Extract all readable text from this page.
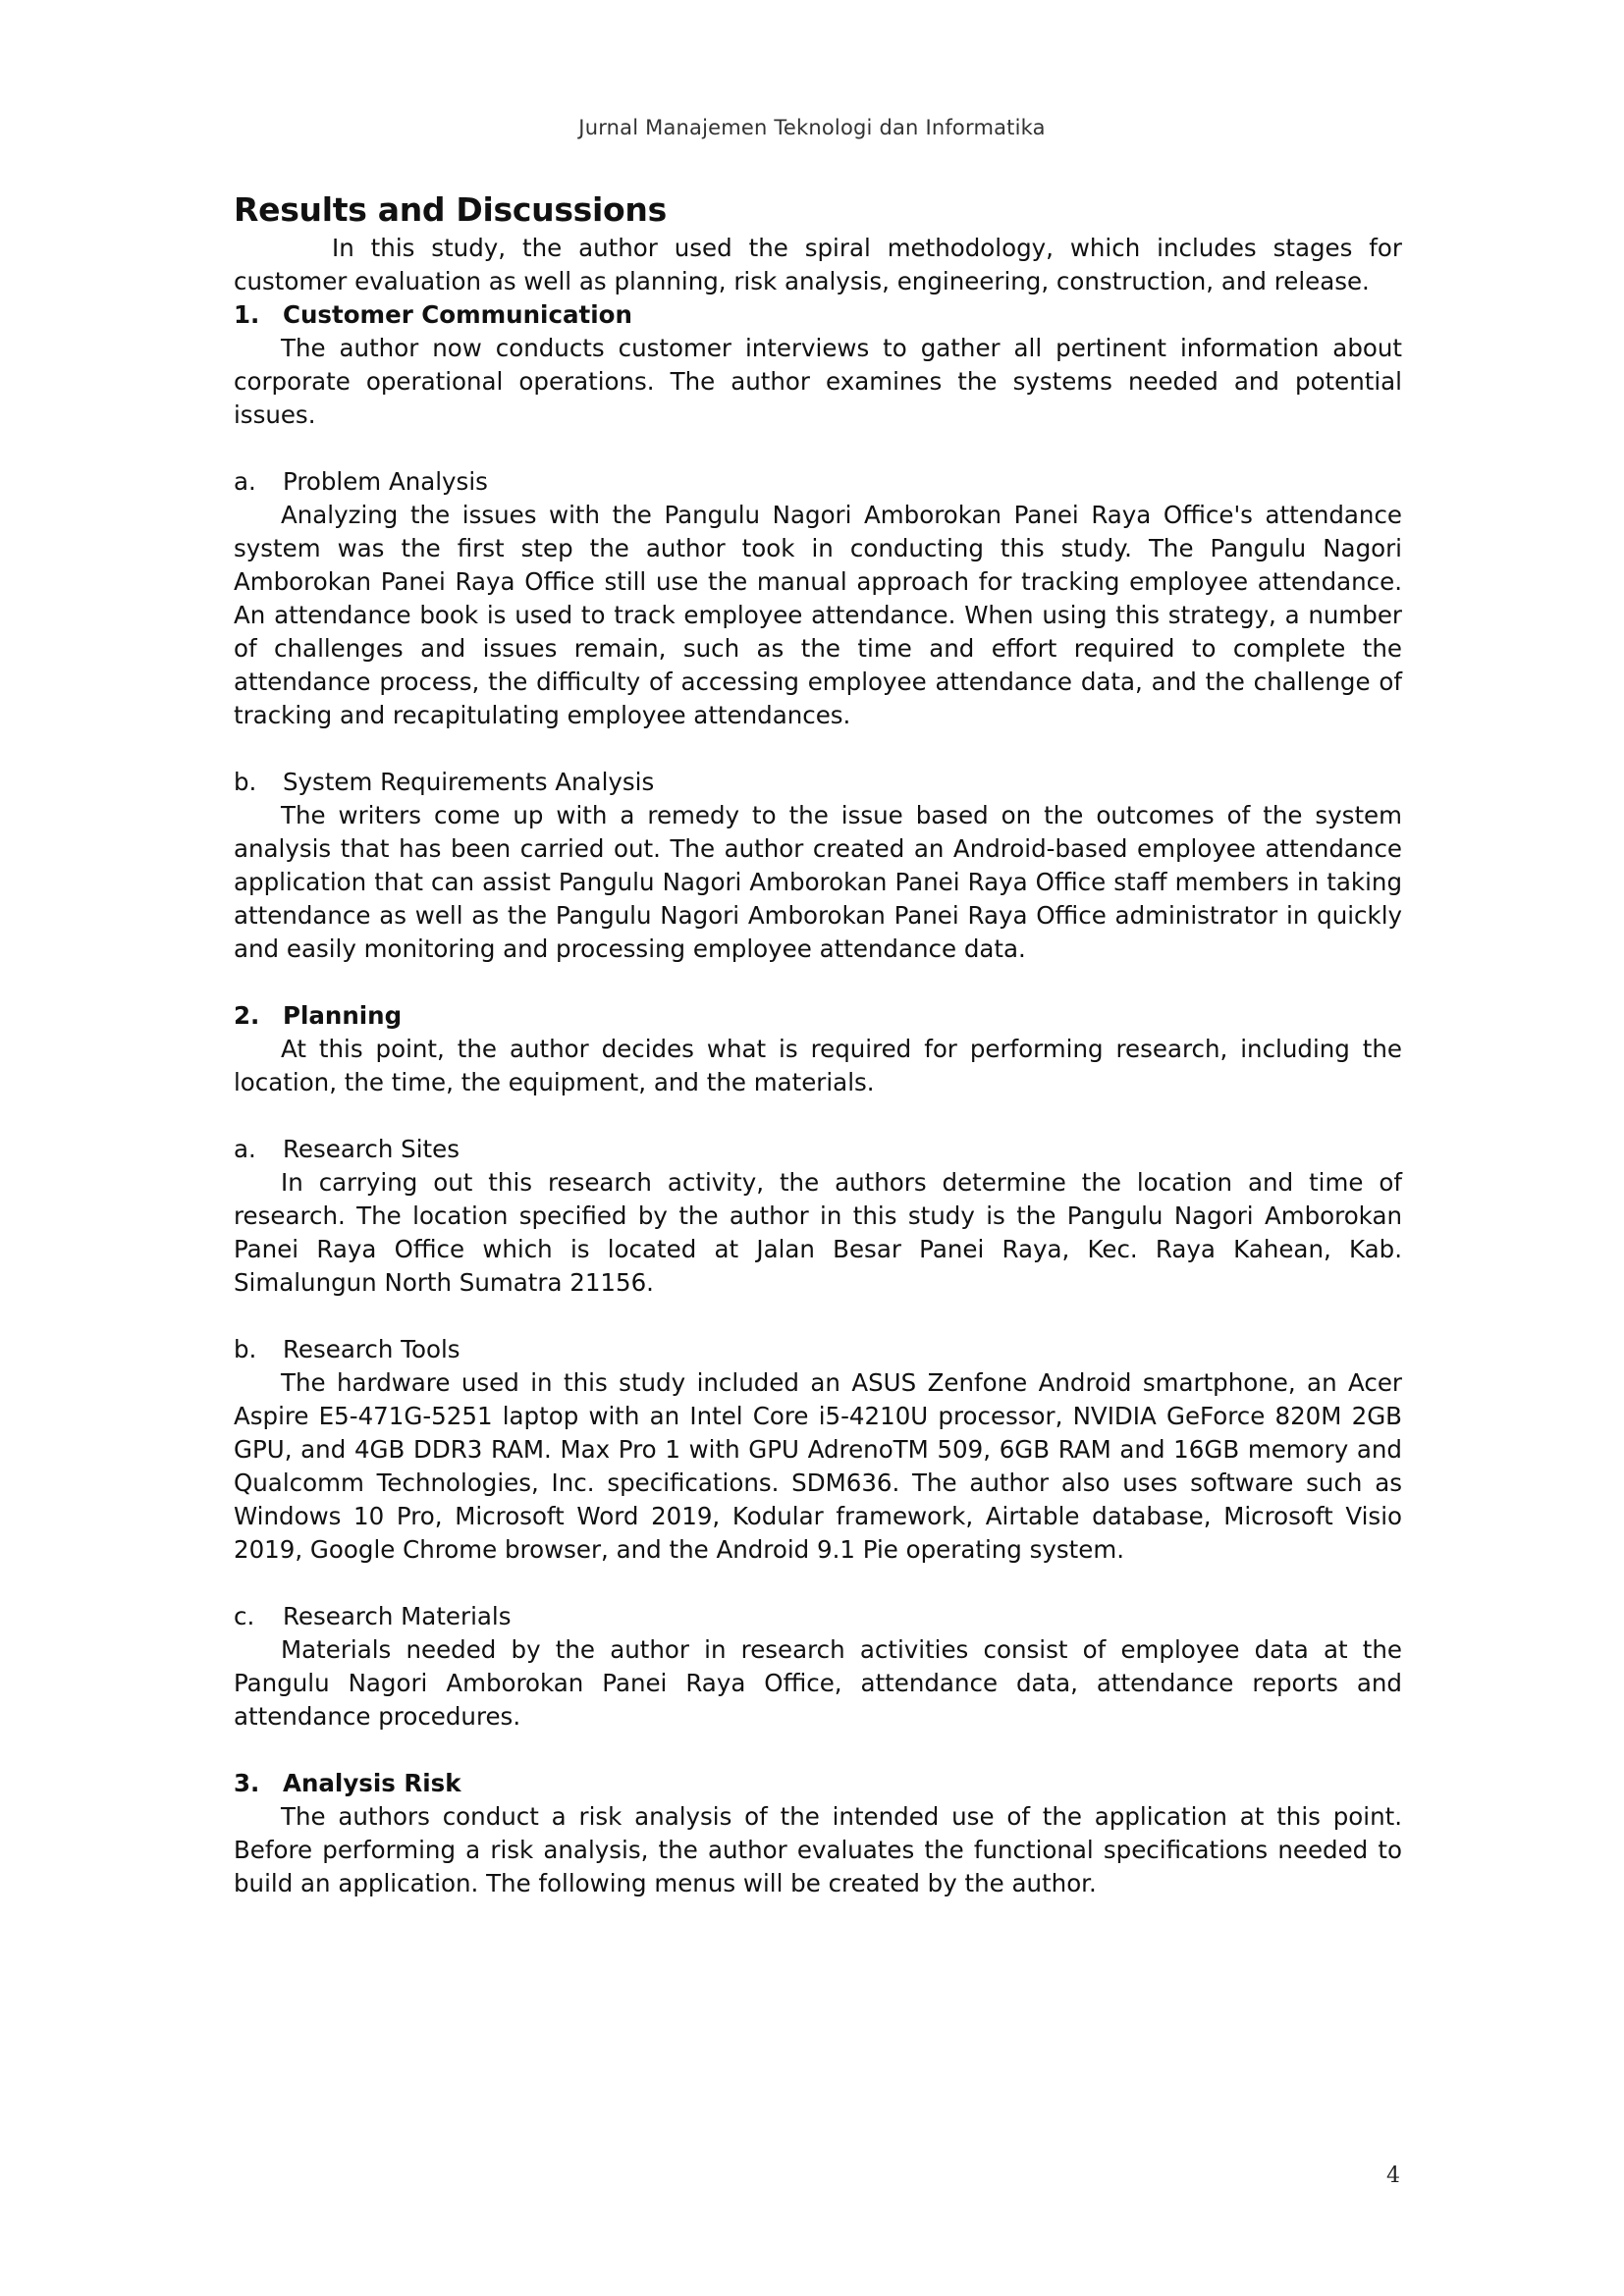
Jurnal Manajemen Teknologi dan Informatika
Results and Discussions

In this study, the author used the spiral methodology, which includes stages for customer evaluation as well as planning, risk analysis, engineering, construction, and release.

1. Customer Communication

The author now conducts customer interviews to gather all pertinent information about corporate operational operations. The author examines the systems needed and potential issues.

a.	Problem Analysis

Analyzing the issues with the Pangulu Nagori Amborokan Panei Raya Office's attendance system was the first step the author took in conducting this study. The Pangulu Nagori Amborokan Panei Raya Office still use the manual approach for tracking employee attendance. An attendance book is used to track employee attendance. When using this strategy, a number of challenges and issues remain, such as the time and effort required to complete the attendance process, the difficulty of accessing employee attendance data, and the challenge of tracking and recapitulating employee attendances.

b.	System Requirements Analysis

The writers come up with a remedy to the issue based on the outcomes of the system analysis that has been carried out. The author created an Android-based employee attendance application that can assist Pangulu Nagori Amborokan Panei Raya Office staff members in taking attendance as well as the Pangulu Nagori Amborokan Panei Raya Office administrator in quickly and easily monitoring and processing employee attendance data.

2. Planning

At this point, the author decides what is required for performing research, including the location, the time, the equipment, and the materials.

a.	Research Sites

In carrying out this research activity, the authors determine the location and time of research. The location specified by the author in this study is the Pangulu Nagori Amborokan Panei Raya Office which is located at Jalan Besar Panei Raya, Kec. Raya Kahean, Kab. Simalungun North Sumatra 21156.

b.	Research Tools

The hardware used in this study included an ASUS Zenfone Android smartphone, an Acer Aspire E5-471G-5251 laptop with an Intel Core i5-4210U processor, NVIDIA GeForce 820M 2GB GPU, and 4GB DDR3 RAM. Max Pro 1 with GPU AdrenoTM 509, 6GB RAM and 16GB memory and Qualcomm Technologies, Inc. specifications. SDM636. The author also uses software such as Windows 10 Pro, Microsoft Word 2019, Kodular framework, Airtable database, Microsoft Visio 2019, Google Chrome browser, and the Android 9.1 Pie operating system.

c.	Research Materials

Materials needed by the author in research activities consist of employee data at the Pangulu Nagori Amborokan Panei Raya Office, attendance data, attendance reports and attendance procedures.

3. Analysis Risk

The authors conduct a risk analysis of the intended use of the application at this point. Before performing a risk analysis, the author evaluates the functional specifications needed to build an application. The following menus will be created by the author.

4
